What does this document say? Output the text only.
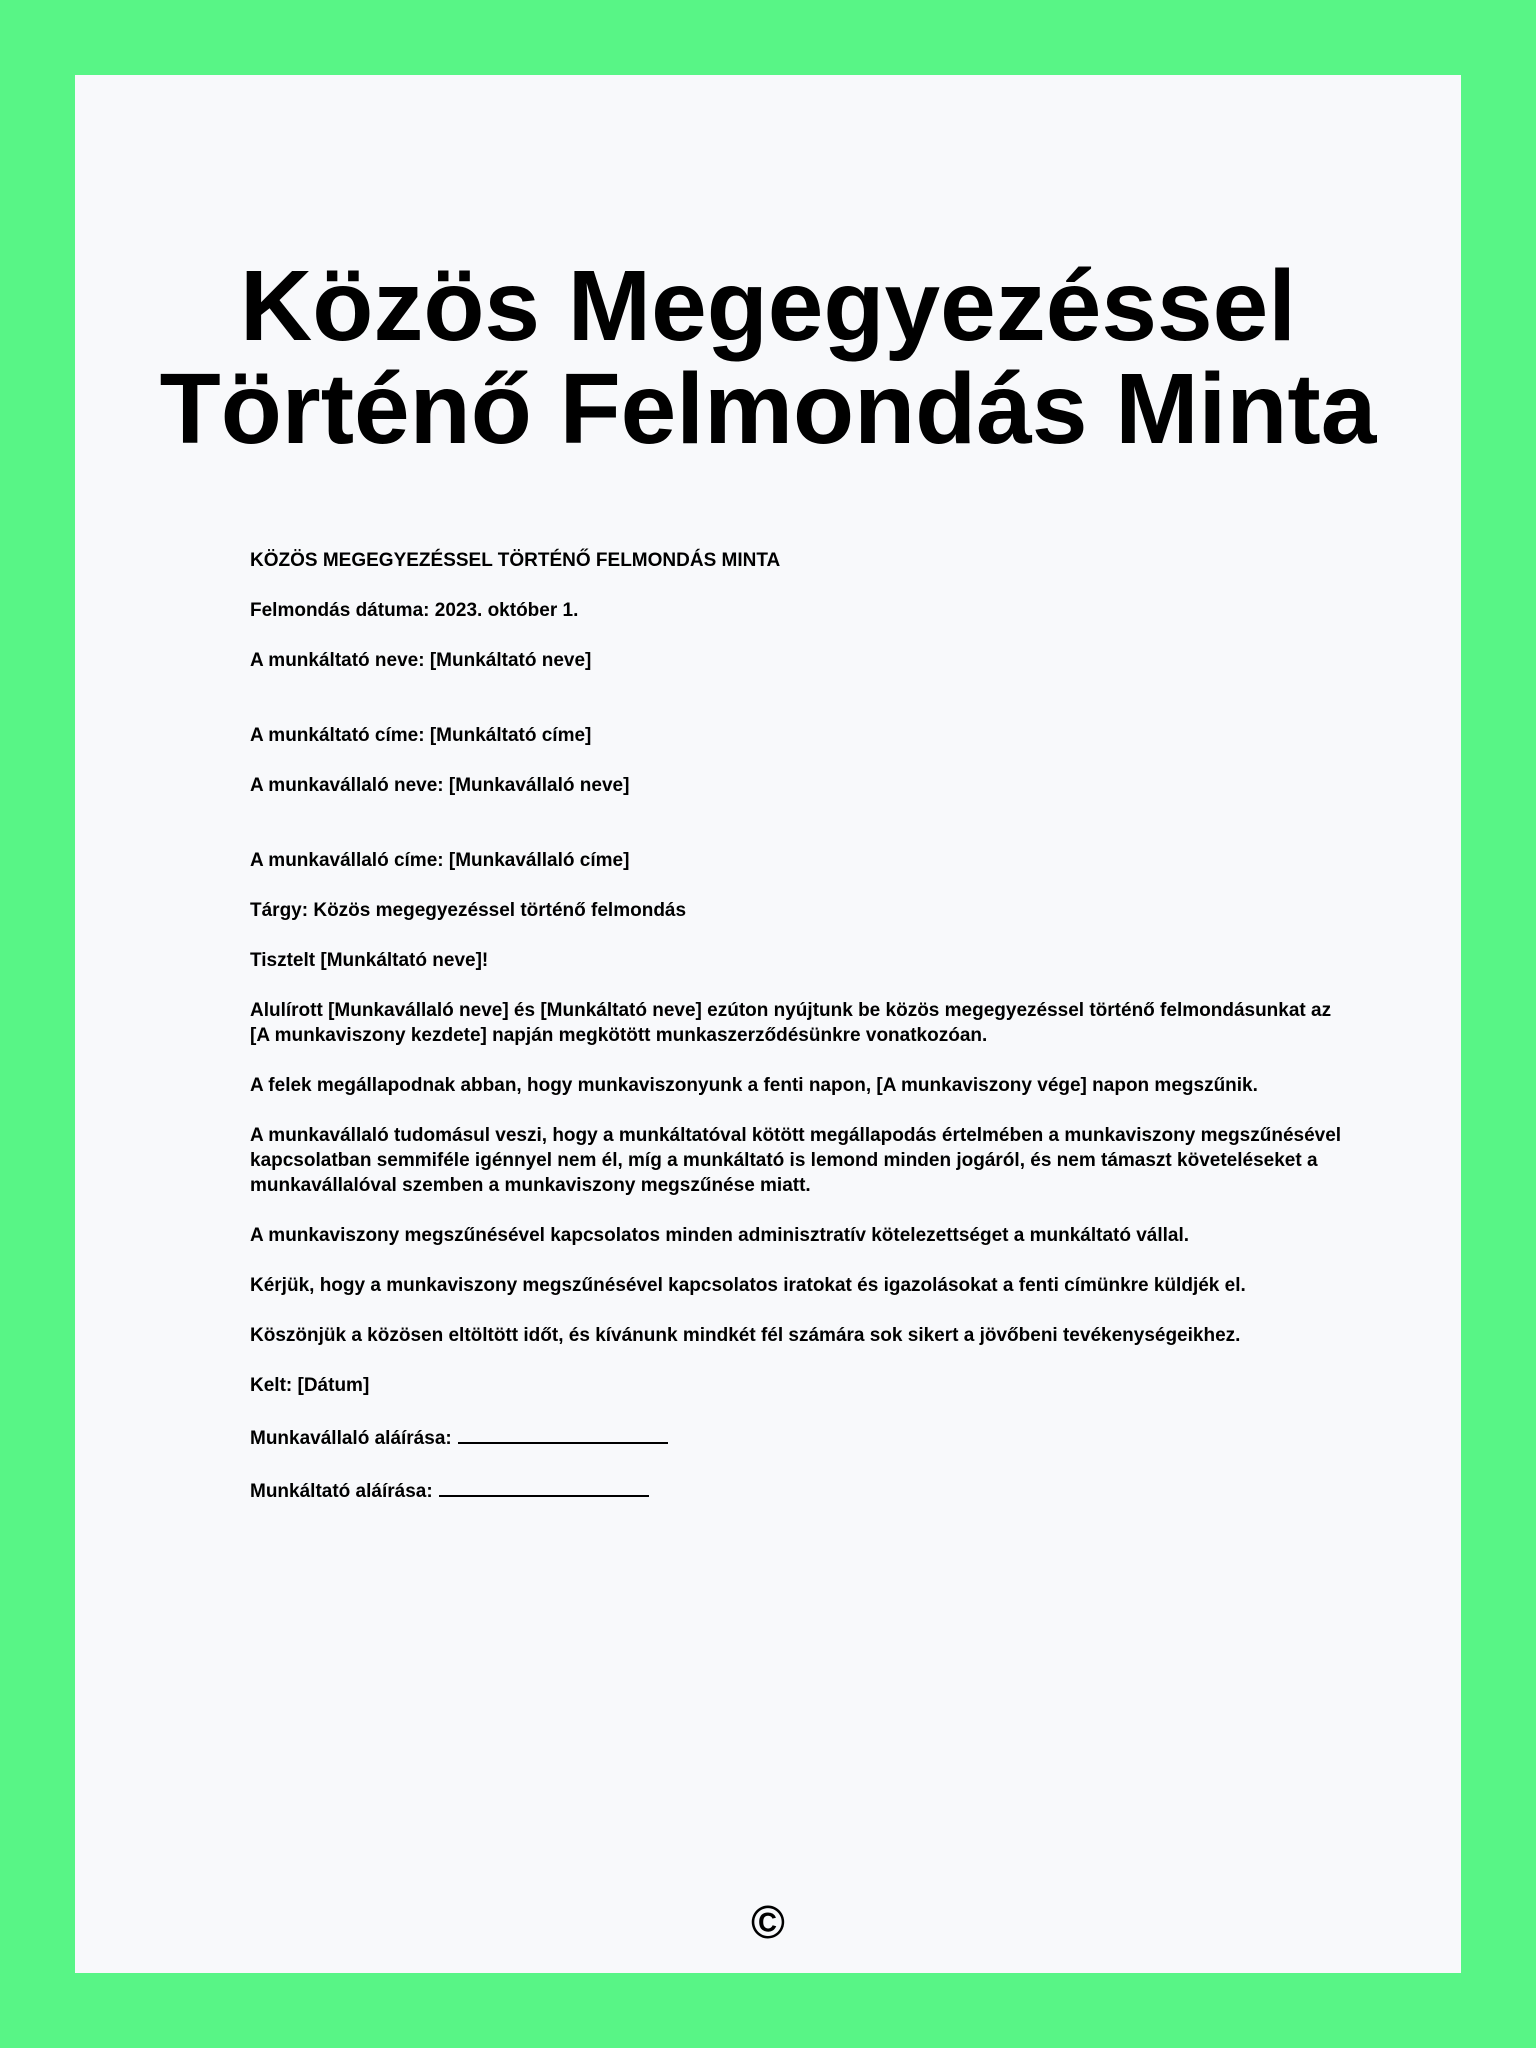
Közös Megegyezéssel Történő Felmondás Minta

KÖZÖS MEGEGYEZÉSSEL TÖRTÉNŐ FELMONDÁS MINTA

Felmondás dátuma: 2023. október 1.

A munkáltató neve: [Munkáltató neve]

A munkáltató címe: [Munkáltató címe]

A munkavállaló neve: [Munkavállaló neve]

A munkavállaló címe: [Munkavállaló címe]

Tárgy: Közös megegyezéssel történő felmondás

Tisztelt [Munkáltató neve]!

Alulírott [Munkavállaló neve] és [Munkáltató neve] ezúton nyújtunk be közös megegyezéssel történő felmondásunkat az [A munkaviszony kezdete] napján megkötött munkaszerződésünkre vonatkozóan.

A felek megállapodnak abban, hogy munkaviszonyunk a fenti napon, [A munkaviszony vége] napon megszűnik.

A munkavállaló tudomásul veszi, hogy a munkáltatóval kötött megállapodás értelmében a munkaviszony megszűnésével kapcsolatban semmiféle igénnyel nem él, míg a munkáltató is lemond minden jogáról, és nem támaszt követeléseket a munkavállalóval szemben a munkaviszony megszűnése miatt.

A munkaviszony megszűnésével kapcsolatos minden adminisztratív kötelezettséget a munkáltató vállal.

Kérjük, hogy a munkaviszony megszűnésével kapcsolatos iratokat és igazolásokat a fenti címünkre küldjék el.

Köszönjük a közösen eltöltött időt, és kívánunk mindkét fél számára sok sikert a jövőbeni tevékenységeikhez.

Kelt: [Dátum]

Munkavállaló aláírása:

Munkáltató aláírása:

©
